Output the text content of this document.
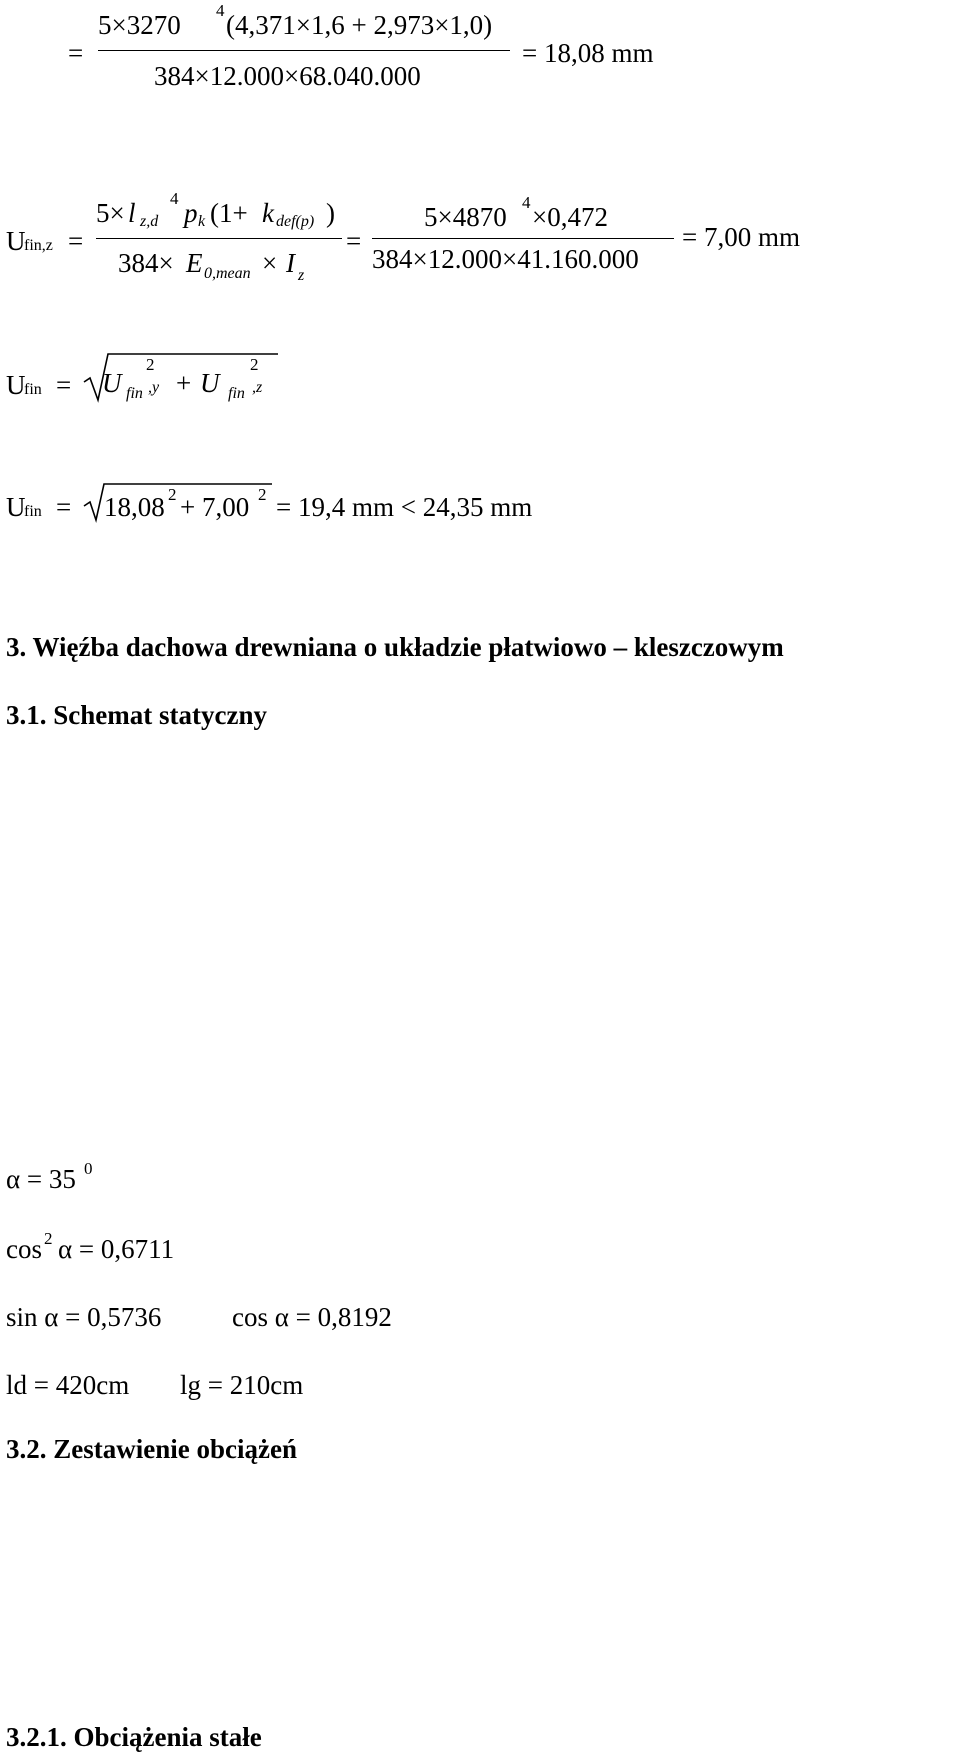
=
5×3270 4 (4,371×1,6 + 2,973×1,0)
384×12.000×68.040.000
= 18,08 mm
U
fin,z =
5× l 4
z,d p k (1+ k def(p) )
384× E 0,mean × I z
=
5×4870 4 ×0,472
384×12.000×41.160.000
= 7,00 mm
U
fin = U
2
fin ,y + U
2
fin ,z
U
fin = 18,08 2 + 7,00 2 = 19,4 mm < 24,35 mm
3. Więźba dachowa drewniana o układzie płatwiowo – kleszczowym
3.1. Schemat statyczny
α = 35 0
cos 2 α = 0,6711
sin α = 0,5736	cos α = 0,8192
ld = 420cm lg = 210cm
3.2. Zestawienie obciążeń
3.2.1. Obciążenia stałe
